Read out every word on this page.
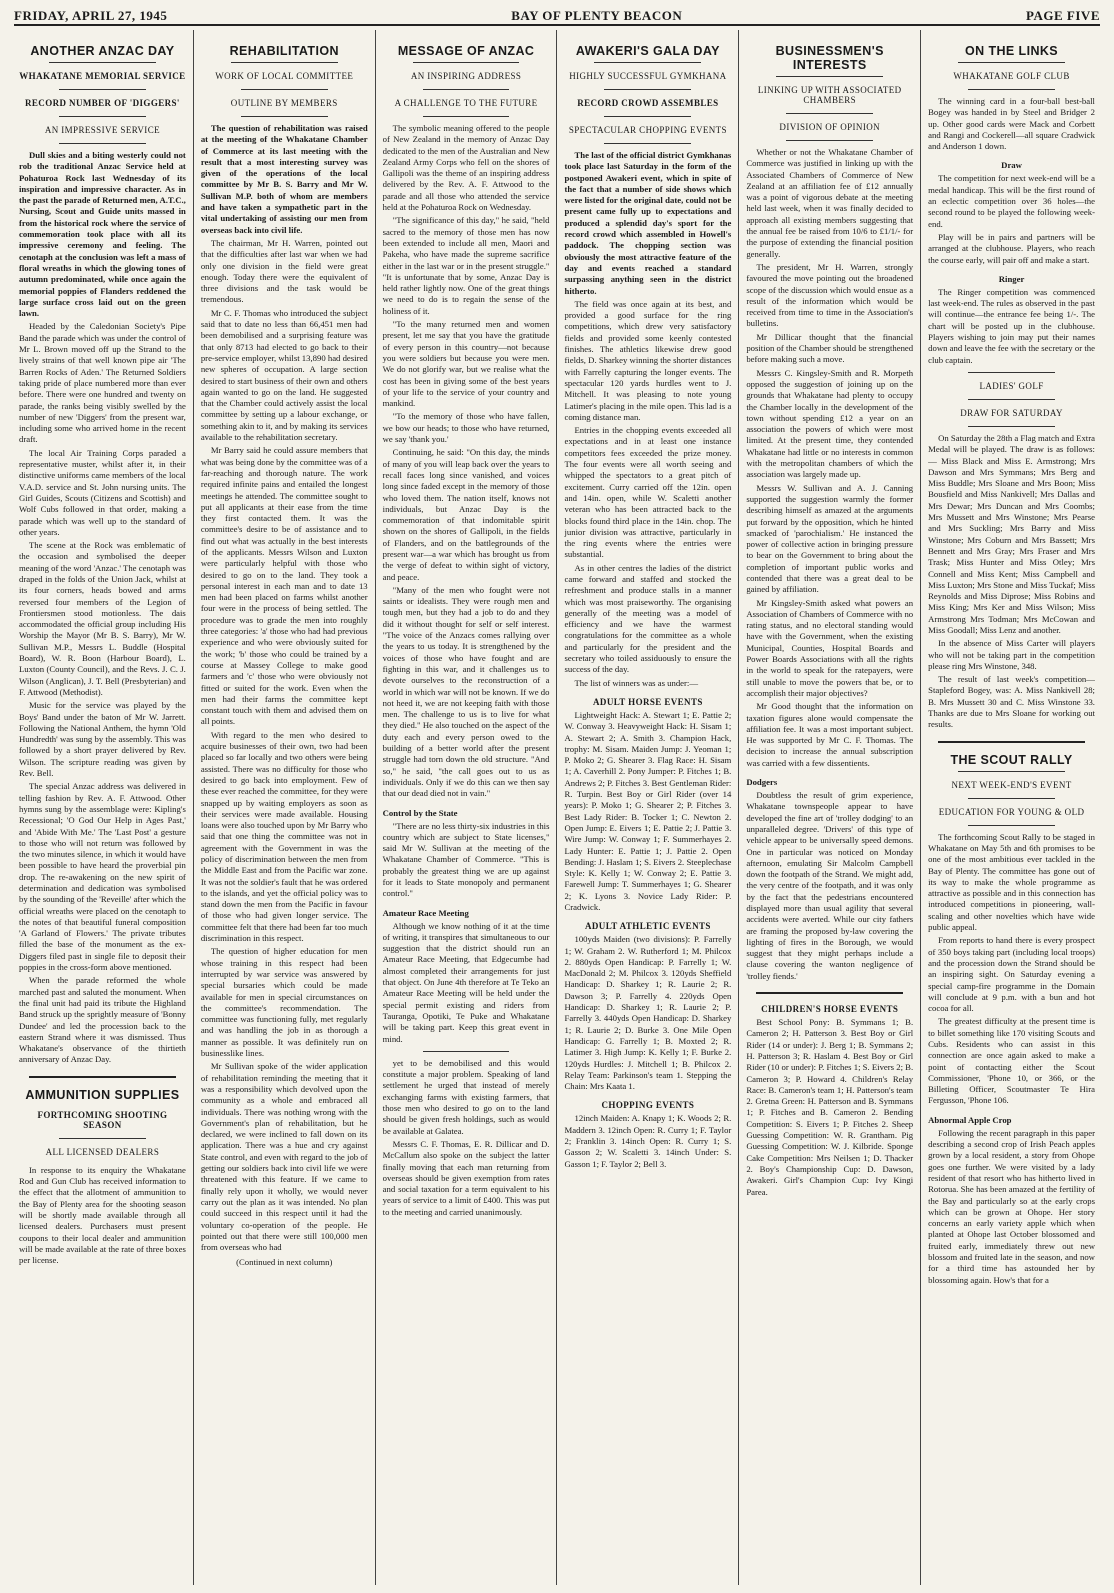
FRIDAY, APRIL 27, 1945	BAY OF PLENTY BEACON	PAGE FIVE
ANOTHER ANZAC DAY
WHAKATANE MEMORIAL SERVICE
RECORD NUMBER OF 'DIGGERS'
AN IMPRESSIVE SERVICE

Dull skies and a biting westerly could not rob the traditional Anzac Service held at Pohaturoa Rock last Wednesday of its inspiration and impressive character. As in the past the parade of Returned men, A.T.C., Nursing, Scout and Guide units massed in from the historical rock where the service of commemoration took place with all its impressive ceremony and feeling. The cenotaph at the conclusion was left a mass of floral wreaths in which the glowing tones of autumn predominated, while once again the memorial poppies of Flanders reddened the large surface cross laid out on the green lawn.

Headed by the Caledonian Society's Pipe Band the parade which was under the control of Mr L. Brown moved off up the Strand to the lively strains of that well known pipe air 'The Barren Rocks of Aden.' The Returned Soldiers taking pride of place numbered more than ever before. There were one hundred and twenty on parade, the ranks being visibly swelled by the number of new 'Diggers' from the present war, including some who arrived home in the recent draft.

The local Air Training Corps paraded a representative muster, whilst after it, in their distinctive uniforms came members of the local V.A.D. service and St. John nursing units. The Girl Guides, Scouts (Citizens and Scottish) and Wolf Cubs followed in that order, making a parade which was well up to the standard of other years.

The scene at the Rock was emblematic of the occasion and symbolised the deeper meaning of the word 'Anzac.' The cenotaph was draped in the folds of the Union Jack, whilst at its four corners, heads bowed and arms reversed four members of the Legion of Frontiersmen stood motionless. The dais accommodated the official group including His Worship the Mayor (Mr B. S. Barry), Mr W. Sullivan M.P., Messrs L. Buddle (Hospital Board), W. R. Boon (Harbour Board), L. Luxton (County Council), and the Revs. J. C. J. Wilson (Anglican), J. T. Bell (Presbyterian) and F. Attwood (Methodist).

Music for the service was played by the Boys' Band under the baton of Mr W. Jarrett. Following the National Anthem, the hymn 'Old Hundredth' was sung by the assembly. This was followed by a short prayer delivered by Rev. Wilson. The scripture reading was given by Rev. Bell.

The special Anzac address was delivered in telling fashion by Rev. A. F. Attwood. Other hymns sung by the assemblage were: Kipling's Recessional; 'O God Our Help in Ages Past,' and 'Abide With Me.' The 'Last Post' a gesture to those who will not return was followed by the two minutes silence, in which it would have been possible to have heard the proverbial pin drop. The re-awakening on the new spirit of determination and dedication was symbolised by the sounding of the 'Reveille' after which the official wreaths were placed on the cenotaph to the notes of that beautiful funeral composition 'A Garland of Flowers.' The private tributes filled the base of the monument as the ex-Diggers filed past in single file to deposit their poppies in the cross-form above mentioned.

When the parade reformed the whole marched past and saluted the monument. When the final unit had paid its tribute the Highland Band struck up the sprightly measure of 'Bonny Dundee' and led the procession back to the eastern Strand where it was dismissed. Thus Whakatane's observance of the thirtieth anniversary of Anzac Day.

AMMUNITION SUPPLIES
FORTHCOMING SHOOTING SEASON
ALL LICENSED DEALERS

In response to its enquiry the Whakatane Rod and Gun Club has received information to the effect that the allotment of ammunition to the Bay of Plenty area for the shooting season will be shortly made available through all licensed dealers. Purchasers must present coupons to their local dealer and ammunition will be made available at the rate of three boxes per license.

REHABILITATION
WORK OF LOCAL COMMITTEE
OUTLINE BY MEMBERS

The question of rehabilitation was raised at the meeting of the Whakatane Chamber of Commerce at its last meeting with the result that a most interesting survey was given of the operations of the local committee by Mr B. S. Barry and Mr W. Sullivan M.P. both of whom are members and have taken a sympathetic part in the vital undertaking of assisting our men from overseas back into civil life.

The chairman, Mr H. Warren, pointed out that the difficulties after last war when we had only one division in the field were great enough. Today there were the equivalent of three divisions and the task would be tremendous.

Mr C. F. Thomas who introduced the subject said that to date no less than 66,451 men had been demobilised and a surprising feature was that only 8713 had elected to go back to their pre-service employer, whilst 13,890 had desired new spheres of occupation. A large section desired to start business of their own and others again wanted to go on the land. He suggested that the Chamber could actively assist the local committee by setting up a labour exchange, or something akin to it, and by making its services available to the rehabilitation secretary.

Mr Barry said he could assure members that what was being done by the committee was of a far-reaching and thorough nature. The work required infinite pains and entailed the longest meetings he attended. The committee sought to put all applicants at their ease from the time they first contacted them. It was the committee's desire to be of assistance and to find out what was actually in the best interests of the applicants. Messrs Wilson and Luxton were particularly helpful with those who desired to go on to the land. They took a personal interest in each man and to date 13 men had been placed on farms whilst another four were in the process of being settled. The procedure was to grade the men into roughly three categories: 'a' those who had had previous experience and who were obviously suited for the work; 'b' those who could be trained by a course at Massey College to make good farmers and 'c' those who were obviously not fitted or suited for the work. Even when the men had their farms the committee kept constant touch with them and advised them on all points.

With regard to the men who desired to acquire businesses of their own, two had been placed so far locally and two others were being assisted. There was no difficulty for those who desired to go back into employment. Few of these ever reached the committee, for they were snapped up by waiting employers as soon as their services were made available. Housing loans were also touched upon by Mr Barry who said that one thing the committee was not in agreement with the Government in was the policy of discrimination between the men from the Middle East and from the Pacific war zone. It was not the soldier's fault that he was ordered to the islands, and yet the official policy was to stand down the men from the Pacific in favour of those who had given longer service. The committee felt that there had been far too much discrimination in this respect.

The question of higher education for men whose training in this respect had been interrupted by war service was answered by special bursaries which could be made available for men in special circumstances on the committee's recommendation. The committee was functioning fully, met regularly and was handling the job in as thorough a manner as possible. It was definitely run on businesslike lines.

Mr Sullivan spoke of the wider application of rehabilitation reminding the meeting that it was a responsibility which devolved upon the community as a whole and embraced all individuals. There was nothing wrong with the Government's plan of rehabilitation, but he declared, we were inclined to fall down on its application. There was a hue and cry against State control, and even with regard to the job of getting our soldiers back into civil life we were threatened with this feature. If we came to finally rely upon it wholly, we would never carry out the plan as it was intended. No plan could succeed in this respect until it had the voluntary co-operation of the people. He pointed out that there were still 100,000 men from overseas who had

(Continued in next column)
MESSAGE OF ANZAC
AN INSPIRING ADDRESS
A CHALLENGE TO THE FUTURE

The symbolic meaning offered to the people of New Zealand in the memory of Anzac Day dedicated to the men of the Australian and New Zealand Army Corps who fell on the shores of Gallipoli was the theme of an inspiring address delivered by the Rev. A. F. Attwood to the parade and all those who attended the service held at the Pohaturoa Rock on Wednesday.

"The significance of this day," he said, "held sacred to the memory of those men has now been extended to include all men, Maori and Pakeha, who have made the supreme sacrifice either in the last war or in the present struggle." "It is unfortunate that by some, Anzac Day is held rather lightly now. One of the great things we need to do is to regain the sense of the holiness of it.

"To the many returned men and women present, let me say that you have the gratitude of every person in this country—not because you were soldiers but because you were men. We do not glorify war, but we realise what the cost has been in giving some of the best years of your life to the service of your country and mankind.

"To the memory of those who have fallen, we bow our heads; to those who have returned, we say 'thank you.'

Continuing, he said: "On this day, the minds of many of you will leap back over the years to recall faces long since vanished, and voices long since faded except in the memory of those who loved them. The nation itself, knows not individuals, but Anzac Day is the commemoration of that indomitable spirit shown on the shores of Gallipoli, in the fields of Flanders, and on the battlegrounds of the present war—a war which has brought us from the verge of defeat to within sight of victory, and peace.

"Many of the men who fought were not saints or idealists. They were rough men and tough men, but they had a job to do and they did it without thought for self or self interest. "The voice of the Anzacs comes rallying over the years to us today. It is strengthened by the voices of those who have fought and are fighting in this war, and it challenges us to devote ourselves to the reconstruction of a world in which war will not be known. If we do not heed it, we are not keeping faith with those men. The challenge to us is to live for what they died." He also touched on the aspect of the duty each and every person owed to the building of a better world after the present struggle had torn down the old structure. "And so," he said, "the call goes out to us as individuals. Only if we do this can we then say that our dead died not in vain."

Control by the State

"There are no less thirty-six industries in this country which are subject to State licenses," said Mr W. Sullivan at the meeting of the Whakatane Chamber of Commerce. "This is probably the greatest thing we are up against for it leads to State monopoly and permanent control."

Amateur Race Meeting

Although we know nothing of it at the time of writing, it transpires that simultaneous to our suggestion that the district should run an Amateur Race Meeting, that Edgecumbe had almost completed their arrangements for just that object. On June 4th therefore at Te Teko an Amateur Race Meeting will be held under the special permit existing and riders from Tauranga, Opotiki, Te Puke and Whakatane will be taking part. Keep this great event in mind.

yet to be demobilised and this would constitute a major problem. Speaking of land settlement he urged that instead of merely exchanging farms with existing farmers, that those men who desired to go on to the land should be given fresh holdings, such as would be available at Galatea.

Messrs C. F. Thomas, E. R. Dillicar and D. McCallum also spoke on the subject the latter finally moving that each man returning from overseas should be given exemption from rates and social taxation for a term equivalent to his years of service to a limit of £400. This was put to the meeting and carried unanimously.

AWAKERI'S GALA DAY
HIGHLY SUCCESSFUL GYMKHANA
RECORD CROWD ASSEMBLES
SPECTACULAR CHOPPING EVENTS

The last of the official district Gymkhanas took place last Saturday in the form of the postponed Awakeri event, which in spite of the fact that a number of side shows which were listed for the original date, could not be present came fully up to expectations and produced a splendid day's sport for the record crowd which assembled in Howell's paddock. The chopping section was obviously the most attractive feature of the day and events reached a standard surpassing anything seen in the district hitherto.

The field was once again at its best, and provided a good surface for the ring competitions, which drew very satisfactory fields and provided some keenly contested finishes. The athletics likewise drew good fields, D. Sharkey winning the shorter distances with Farrelly capturing the longer events. The spectacular 120 yards hurdles went to J. Mitchell. It was pleasing to note young Latimer's placing in the mile open. This lad is a coming distance man.

Entries in the chopping events exceeded all expectations and in at least one instance competitors fees exceeded the prize money. The four events were all worth seeing and whipped the spectators to a great pitch of excitement. Curry carried off the 12in. open and 14in. open, while W. Scaletti another veteran who has been attracted back to the blocks found third place in the 14in. chop. The junior division was attractive, particularly in the ring events where the entries were substantial.

As in other centres the ladies of the district came forward and staffed and stocked the refreshment and produce stalls in a manner which was most praiseworthy. The organising generally of the meeting was a model of efficiency and we have the warmest congratulations for the committee as a whole and particularly for the president and the secretary who toiled assiduously to ensure the success of the day.

The list of winners was as under:—

ADULT HORSE EVENTS

Lightweight Hack: A. Stewart 1; E. Pattie 2; W. Conway 3. Heavyweight Hack: H. Sisam 1; A. Stewart 2; A. Smith 3. Champion Hack, trophy: M. Sisam. Maiden Jump: J. Yeoman 1; P. Moko 2; G. Shearer 3. Flag Race: H. Sisam 1; A. Caverhill 2. Pony Jumper: P. Fitches 1; B. Andrews 2; P. Fitches 3. Best Gentleman Rider: R. Turpin. Best Boy or Girl Rider (over 14 years): P. Moko 1; G. Shearer 2; P. Fitches 3. Best Lady Rider: B. Tocker 1; C. Newton 2. Open Jump: E. Eivers 1; E. Pattie 2; J. Pattie 3. Wire Jump: W. Conway 1; F. Summerhayes 2. Lady Hunter: E. Pattie 1; J. Pattie 2. Open Bending: J. Haslam 1; S. Eivers 2. Steeplechase Style: K. Kelly 1; W. Conway 2; E. Pattie 3. Farewell Jump: T. Summerhayes 1; G. Shearer 2; K. Lyons 3. Novice Lady Rider: P. Cradwick.

ADULT ATHLETIC EVENTS

100yds Maiden (two divisions): P. Farrelly 1; W. Graham 2. W. Rutherford 1; M. Philcox 2. 880yds Open Handicap: P. Farrelly 1; W. MacDonald 2; M. Philcox 3. 120yds Sheffield Handicap: D. Sharkey 1; R. Laurie 2; R. Dawson 3; P. Farrelly 4. 220yds Open Handicap: D. Sharkey 1; R. Laurie 2; P. Farrelly 3. 440yds Open Handicap: D. Sharkey 1; R. Laurie 2; D. Burke 3. One Mile Open Handicap: G. Farrelly 1; B. Moxted 2; R. Latimer 3. High Jump: K. Kelly 1; F. Burke 2. 120yds Hurdles: J. Mitchell 1; B. Philcox 2. Relay Team: Parkinson's team 1. Stepping the Chain: Mrs Kaata 1.

CHOPPING EVENTS

12inch Maiden: A. Knapy 1; K. Woods 2; R. Maddern 3. 12inch Open: R. Curry 1; F. Taylor 2; Franklin 3. 14inch Open: R. Curry 1; S. Gasson 2; W. Scaletti 3. 14inch Under: S. Gasson 1; F. Taylor 2; Bell 3.

BUSINESSMEN'S INTERESTS
LINKING UP WITH ASSOCIATED CHAMBERS
DIVISION OF OPINION

Whether or not the Whakatane Chamber of Commerce was justified in linking up with the Associated Chambers of Commerce of New Zealand at an affiliation fee of £12 annually was a point of vigorous debate at the meeting held last week, when it was finally decided to approach all existing members suggesting that the annual fee be raised from 10/6 to £1/1/- for the purpose of extending the financial position generally.

The president, Mr H. Warren, strongly favoured the move pointing out the broadened scope of the discussion which would ensue as a result of the information which would be received from time to time in the Association's bulletins.

Mr Dillicar thought that the financial position of the Chamber should be strengthened before making such a move.

Messrs C. Kingsley-Smith and R. Morpeth opposed the suggestion of joining up on the grounds that Whakatane had plenty to occupy the Chamber locally in the development of the town without spending £12 a year on an association the powers of which were most limited. At the present time, they contended Whakatane had little or no interests in common with the metropolitan chambers of which the association was largely made up.

Messrs W. Sullivan and A. J. Canning supported the suggestion warmly the former describing himself as amazed at the arguments put forward by the opposition, which he hinted smacked of 'parochialism.' He instanced the power of collective action in bringing pressure to bear on the Government to bring about the completion of important public works and contended that there was a great deal to be gained by affiliation.

Mr Kingsley-Smith asked what powers an Association of Chambers of Commerce with no rating status, and no electoral standing would have with the Government, when the existing Municipal, Counties, Hospital Boards and Power Boards Associations with all the rights in the world to speak for the ratepayers, were still unable to move the powers that be, or to accomplish their major objectives?

Mr Good thought that the information on taxation figures alone would compensate the affiliation fee. It was a most important subject. He was supported by Mr C. F. Thomas. The decision to increase the annual subscription was carried with a few dissentients.

Dodgers

Doubtless the result of grim experience, Whakatane townspeople appear to have developed the fine art of 'trolley dodging' to an unparalleled degree. 'Drivers' of this type of vehicle appear to be universally speed demons. One in particular was noticed on Monday afternoon, emulating Sir Malcolm Campbell down the footpath of the Strand. We might add, the very centre of the footpath, and it was only by the fact that the pedestrians encountered displayed more than usual agility that several accidents were averted. While our city fathers are framing the proposed by-law covering the lighting of fires in the Borough, we would suggest that they might perhaps include a clause covering the wanton negligence of 'trolley fiends.'

CHILDREN'S HORSE EVENTS

Best School Pony: B. Symmans 1; B. Cameron 2; H. Patterson 3. Best Boy or Girl Rider (14 or under): J. Berg 1; B. Symmans 2; H. Patterson 3; R. Haslam 4. Best Boy or Girl Rider (10 or under): P. Fitches 1; S. Eivers 2; B. Cameron 3; P. Howard 4. Children's Relay Race: B. Cameron's team 1; H. Patterson's team 2. Gretna Green: H. Patterson and B. Symmans 1; P. Fitches and B. Cameron 2. Bending Competition: S. Eivers 1; P. Fitches 2. Sheep Guessing Competition: W. R. Grantham. Pig Guessing Competition: W. J. Kilbride. Sponge Cake Competition: Mrs Neilsen 1; D. Thacker 2. Boy's Championship Cup: D. Dawson, Awakeri. Girl's Champion Cup: Ivy Kingi Parea.

ON THE LINKS
WHAKATANE GOLF CLUB

The winning card in a four-ball best-ball Bogey was handed in by Steel and Bridger 2 up. Other good cards were Mack and Corbett and Rangi and Cockerell—all square Cradwick and Anderson 1 down.

Draw

The competition for next week-end will be a medal handicap. This will be the first round of an eclectic competition over 36 holes—the second round to be played the following week-end.

Play will be in pairs and partners will be arranged at the clubhouse. Players, who reach the course early, will pair off and make a start.

Ringer

The Ringer competition was commenced last week-end. The rules as observed in the past will continue—the entrance fee being 1/-. The chart will be posted up in the clubhouse. Players wishing to join may put their names down and leave the fee with the secretary or the club captain.

LADIES' GOLF
DRAW FOR SATURDAY

On Saturday the 28th a Flag match and Extra Medal will be played. The draw is as follows:— Miss Black and Miss E. Armstrong; Mrs Dawson and Mrs Symmans; Mrs Berg and Miss Buddle; Mrs Sloane and Mrs Boon; Miss Bousfield and Miss Nankivell; Mrs Dallas and Mrs Dewar; Mrs Duncan and Mrs Coombs; Mrs Mussett and Mrs Winstone; Mrs Pearse and Mrs Suckling; Mrs Barry and Miss Winstone; Mrs Coburn and Mrs Bassett; Mrs Bennett and Mrs Gray; Mrs Fraser and Mrs Trask; Miss Hunter and Miss Otley; Mrs Connell and Miss Kent; Miss Campbell and Miss Luxton; Mrs Stone and Miss Tuckaf; Miss Reynolds and Miss Diprose; Miss Robins and Miss King; Mrs Ker and Miss Wilson; Miss Armstrong Mrs Todman; Mrs McCowan and Miss Goodall; Miss Lenz and another.

In the absence of Miss Carter will players who will not be taking part in the competition please ring Mrs Winstone, 348.

The result of last week's competition—Stapleford Bogey, was: A. Miss Nankivell 28; B. Mrs Mussett 30 and C. Miss Winstone 33. Thanks are due to Mrs Sloane for working out results.

THE SCOUT RALLY
NEXT WEEK-END'S EVENT
EDUCATION FOR YOUNG & OLD

The forthcoming Scout Rally to be staged in Whakatane on May 5th and 6th promises to be one of the most ambitious ever tackled in the Bay of Plenty. The committee has gone out of its way to make the whole programme as attractive as possible and in this connection has introduced competitions in pioneering, wall-scaling and other novelties which have wide public appeal.

From reports to hand there is every prospect of 350 boys taking part (including local troops) and the procession down the Strand should be an inspiring sight. On Saturday evening a special camp-fire programme in the Domain will conclude at 9 p.m. with a bun and hot cocoa for all.

The greatest difficulty at the present time is to billet something like 170 visiting Scouts and Cubs. Residents who can assist in this connection are once again asked to make a point of contacting either the Scout Commissioner, 'Phone 10, or 366, or the Billeting Officer, Scoutmaster Te Hira Fergusson, 'Phone 106.

Abnormal Apple Crop

Following the recent paragraph in this paper describing a second crop of Irish Peach apples grown by a local resident, a story from Ohope goes one further. We were visited by a lady resident of that resort who has hitherto lived in Rotorua. She has been amazed at the fertility of the Bay and particularly so at the early crops which can be grown at Ohope. Her story concerns an early variety apple which when planted at Ohope last October blossomed and fruited early, immediately threw out new blossom and fruited late in the season, and now for a third time has astounded her by blossoming again. How's that for a
